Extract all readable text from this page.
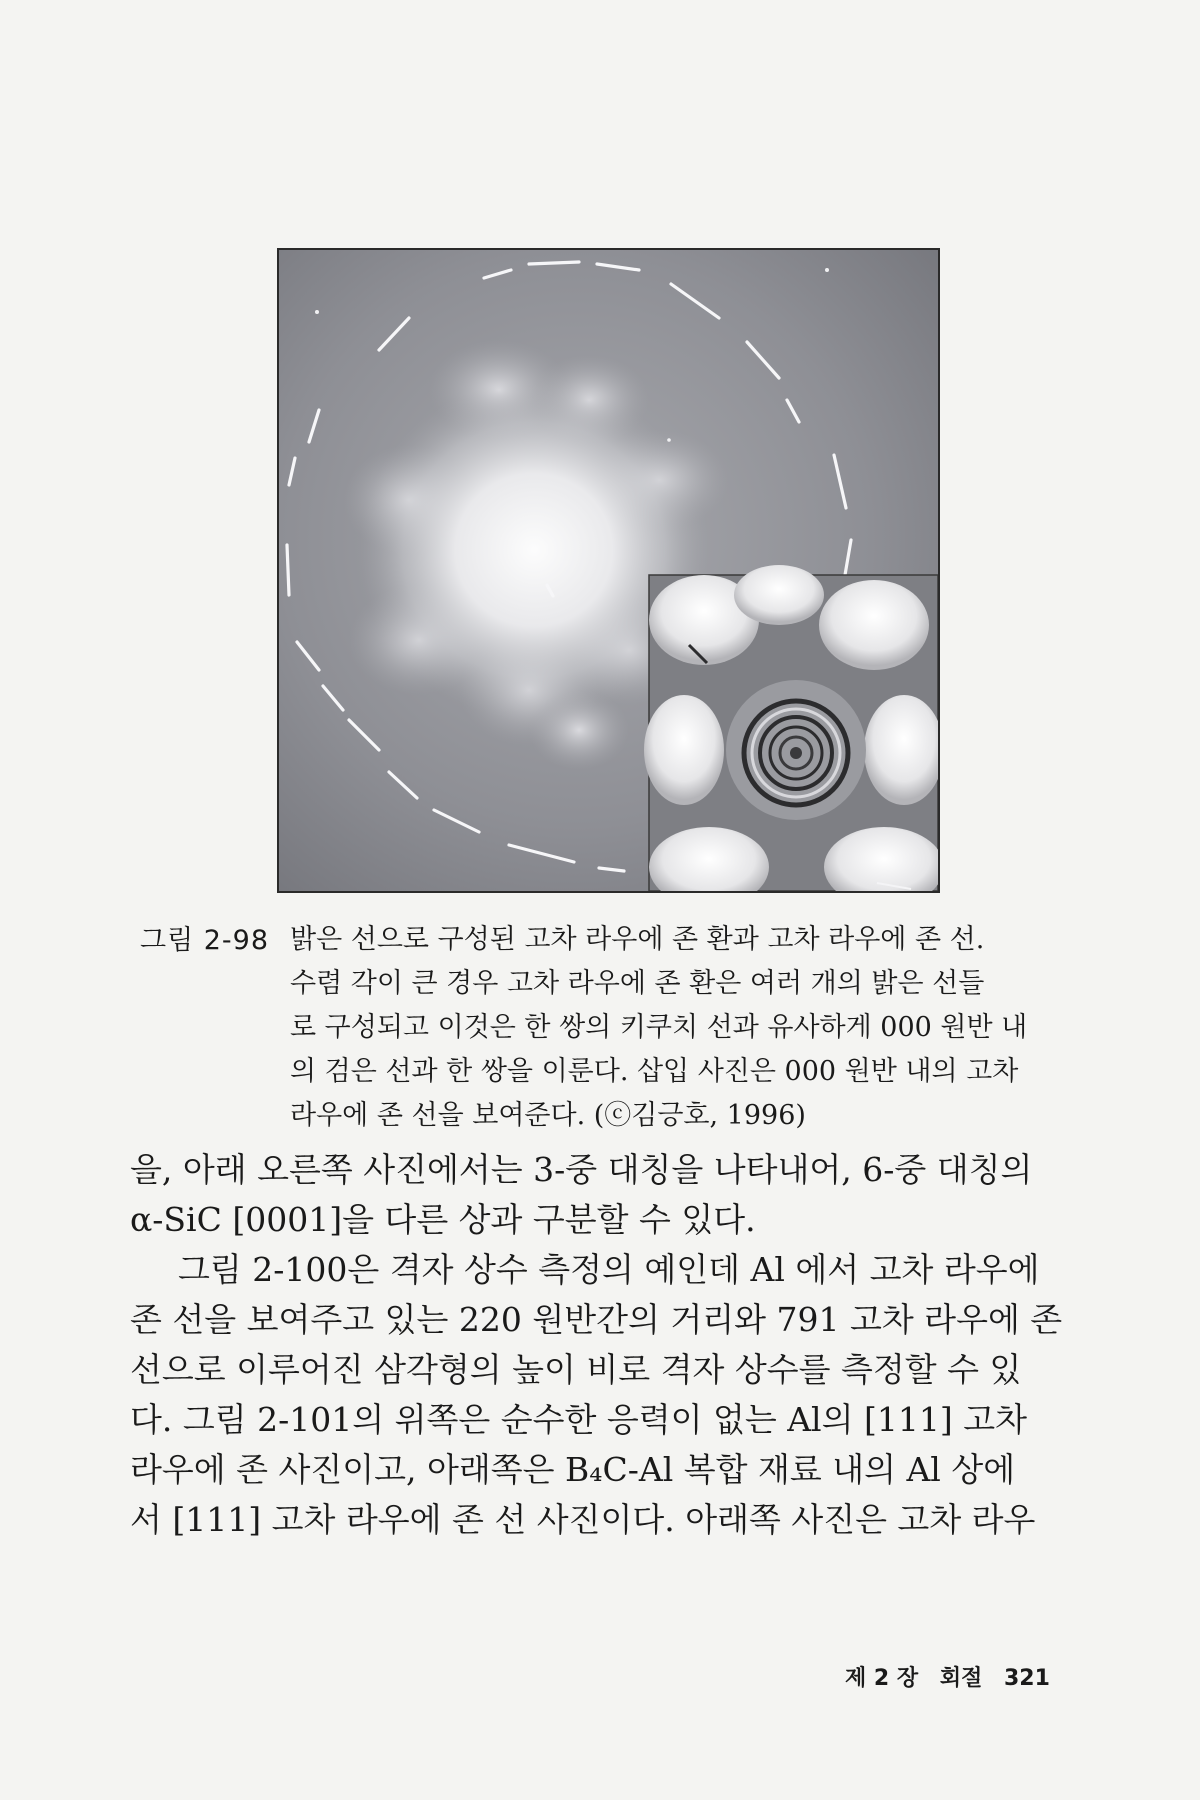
그림 2-98 밝은 선으로 구성된 고차 라우에 존 환과 고차 라우에 존 선.

수렴 각이 큰 경우 고차 라우에 존 환은 여러 개의 밝은 선들

로 구성되고 이것은 한 쌍의 키쿠치 선과 유사하게 000 원반 내

의 검은 선과 한 쌍을 이룬다. 삽입 사진은 000 원반 내의 고차

라우에 존 선을 보여준다. (ⓒ김긍호, 1996)

을, 아래 오른쪽 사진에서는 3-중 대칭을 나타내어, 6-중 대칭의

α-SiC [0001]을 다른 상과 구분할 수 있다.

그림 2-100은 격자 상수 측정의 예인데 Al 에서 고차 라우에

존 선을 보여주고 있는 220 원반간의 거리와 791 고차 라우에 존

선으로 이루어진 삼각형의 높이 비로 격자 상수를 측정할 수 있

다. 그림 2-101의 위쪽은 순수한 응력이 없는 Al의 [111] 고차

라우에 존 사진이고, 아래쪽은 B₄C-Al 복합 재료 내의 Al 상에

서 [111] 고차 라우에 존 선 사진이다. 아래쪽 사진은 고차 라우

제 2 장 회절 321
